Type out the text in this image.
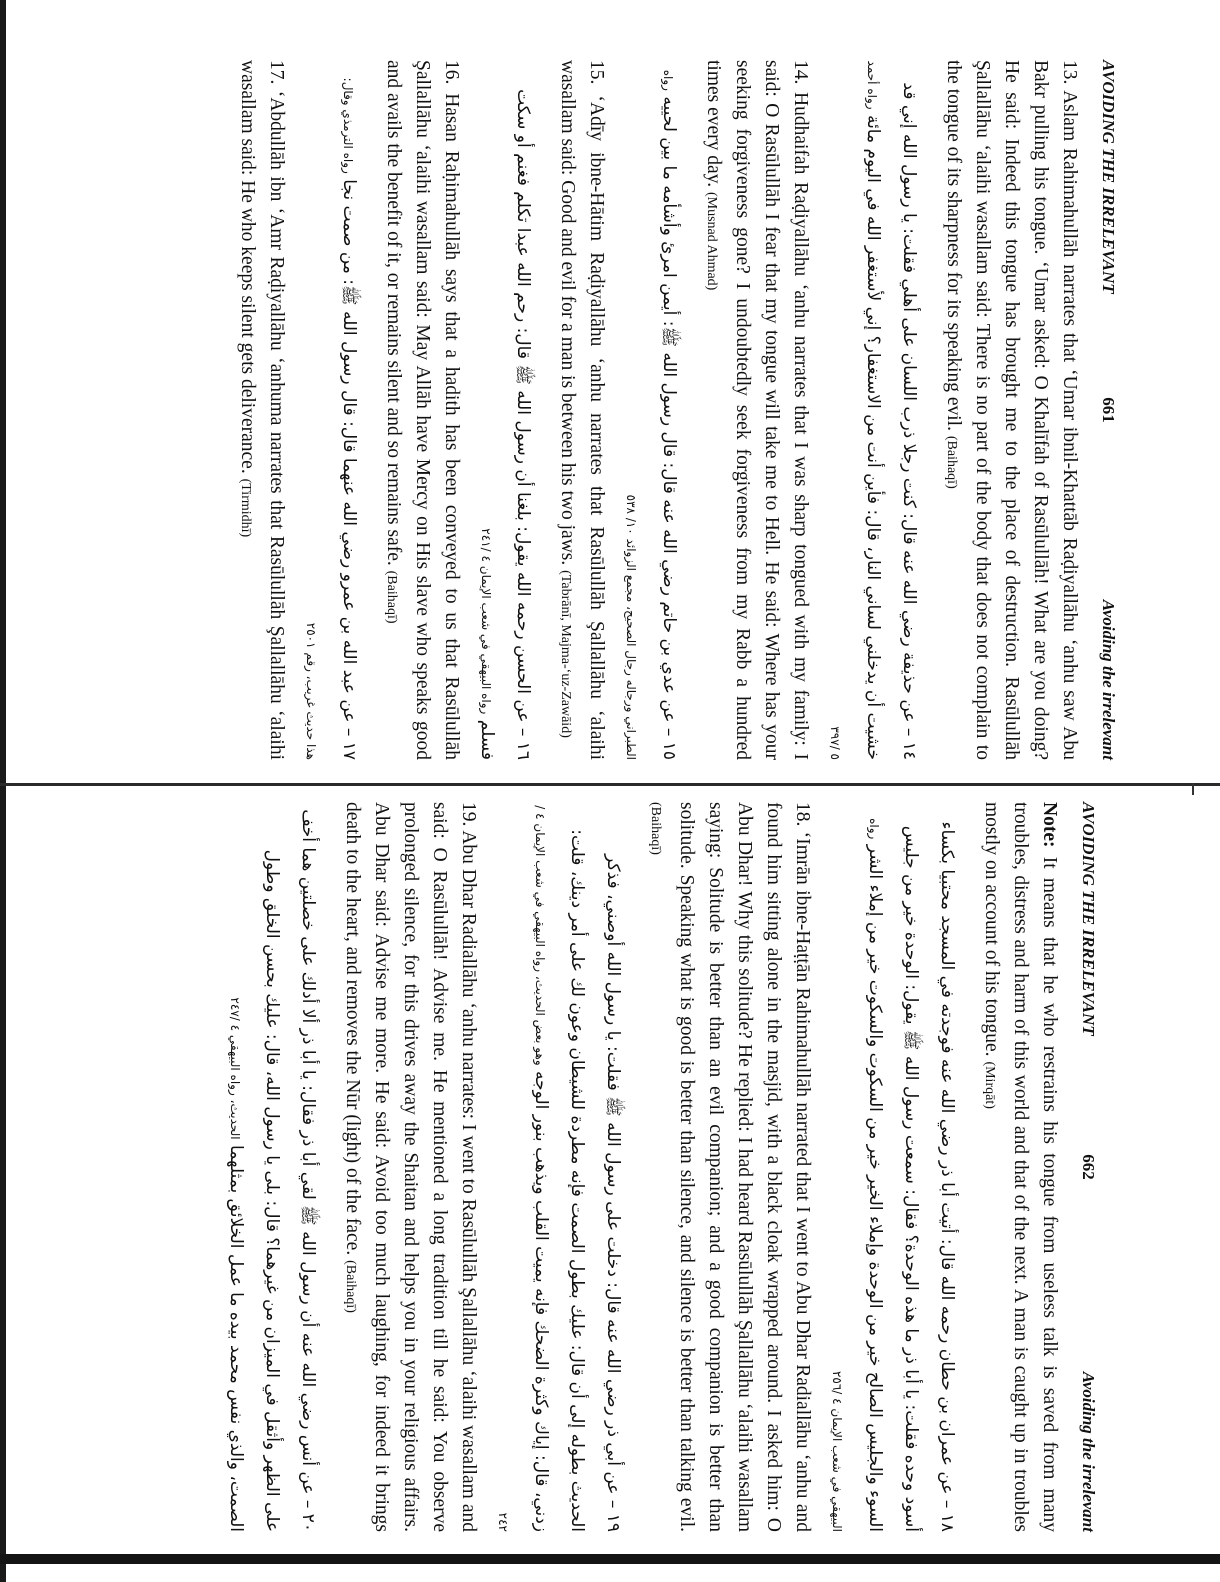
AVOIDING THE IRRELEVANT
661
Avoiding the irrelevant

13. Aslam Rahimahullāh narrates that ‘Umar ibnil-Khattāb Raḍiyallāhu ‘anhu saw Abu Bakr pulling his tongue. ‘Umar asked: O Khalīfah of Rasūlullāh! What are you doing? He said: Indeed this tongue has brought me to the place of destruction. Rasūlullāh Şallallāhu ‘alaihi wasallam said: There is no part of the body that does not complain to the tongue of its sharpness for its speaking evil. (Baihaqī)

١٤ – عن حذيفة رضي الله عنه قال: كنت رجلا ذرب اللسان على أهلي فقلت: يا رسول الله إني قد خشيت أن يدخلني لساني النار، قال: فأين أنت من الاستغفار؟ إني لأستغفر الله في اليوم مائة رواه أحمد ٥ /٣٩٧

14. Hudhaifah Raḍiyallāhu ‘anhu narrates that I was sharp tongued with my family: I said: O Rasūlullāh I fear that my tongue will take me to Hell. He said: Where has your seeking forgiveness gone? I undoubtedly seek forgiveness from my Rabb a hundred times every day. (Musnad Ahmad)

١٥ – عن عدي بن حاتم رضي الله عنه قال: قال رسول الله ﷺ: أيمن امرئ وأشأمه ما بين لحييه رواه الطبراني ورجاله رجال الصحيح، مجمع الزوائد ١٠/ ٥٣٨

15. ‘Adīy ibne-Hātim Raḍiyallāhu ‘anhu narrates that Rasūlullāh Şallallāhu ‘alaihi wasallam said: Good and evil for a man is between his two jaws. (Tabrānī, Majma-‘uz-Zawāid)

١٦ – عن الحسن رحمه الله يقول: بلغنا أن رسول الله ﷺ قال: رحم الله عبدا تكلم فغنم أو سكت فسلم رواه البيهقي في شعب الإيمان ٤ /٢٤١

16. Hasan Raḥimahullāh says that a hadith has been conveyed to us that Rasūlullāh Şallallāhu ‘alaihi wasallam said: May Allāh have Mercy on His slave who speaks good and avails the benefit of it, or remains silent and so remains safe. (Baihaqī)

١٧ – عن عبد الله بن عمرو رضي الله عنهما قال: قال رسول الله ﷺ: من صمت نجا رواه الترمذي وقال: هذا حديث غريب، رقم ٢٥٠١

17. ‘Abdullāh ibn ‘Amr Raḍiyallāhu ‘anhuma narrates that Rasūlullāh Şallallāhu ‘alaihi wasallam said: He who keeps silent gets deliverance. (Tirmidhī)

AVOIDING THE IRRELEVANT
662
Avoiding the irrelevant

Note: It means that he who restrains his tongue from useless talk is saved from many troubles, distress and harm of this world and that of the next. A man is caught up in troubles mostly on account of his tongue. (Mirqāt)

١٨ – عن عمران بن حطان رحمه الله قال: أتيت أبا ذر رضي الله عنه فوجدته في المسجد محتبيا بكساء أسود وحده فقلت: يا أبا ذر ما هذه الوحدة؟ فقال: سمعت رسول الله ﷺ يقول: الوحدة خير من جليس السوء والجليس الصالح خير من الوحدة وإملاء الخير خير من السكوت والسكوت خير من إملاء الشر رواه البيهقي في شعب الإيمان ٤ /٢٥٦

18. ‘Imrān ibne-Haṭṭān Rahimahullāh narrated that I went to Abu Dhar Radiallāhu ‘anhu and found him sitting alone in the masjid, with a black cloak wrapped around. I asked him: O Abu Dhar! Why this solitude? He replied: I had heard Rasūlullāh Şallallāhu ‘alaihi wasallam saying: Solitude is better than an evil companion; and a good companion is better than solitude. Speaking what is good is better than silence, and silence is better than talking evil. (Baihaqī)

١٩ – عن أبي ذر رضي الله عنه قال: دخلت على رسول الله ﷺ فقلت: يا رسول الله أوصني، فذكر الحديث بطوله إلى أن قال: عليك بطول الصمت فإنه مطردة للشيطان وعون لك على أمر دينك، قلت: زدني، قال: إياك وكثرة الضحك فإنه يميت القلب ويذهب بنور الوجه وهو بعض الحديث، رواه البيهقي في شعب الإيمان ٤ /٢٤٢

19. Abu Dhar Radiallāhu ‘anhu narrates: I went to Rasūlullāh Şallallāhu ‘alaihi wasallam and said: O Rasūlullāh! Advise me. He mentioned a long tradition till he said: You observe prolonged silence, for this drives away the Shaitan and helps you in your religious affairs. Abu Dhar said: Advise me more. He said: Avoid too much laughing, for indeed it brings death to the heart, and removes the Nūr (light) of the face. (Baihaqī)

٢٠ – عن أنس رضي الله عنه أن رسول الله ﷺ لقي أبا ذر فقال: يا أبا ذر ألا أدلك على خصلتين هما أخف على الظهر وأثقل في الميزان من غيرهما؟ قال: بلى يا رسول الله، قال: عليك بحسن الخلق وطول الصمت، والذي نفس محمد بيده ما عمل الخلائق بمثلهما الحديث، رواه البيهقي ٤ /٢٤٧
